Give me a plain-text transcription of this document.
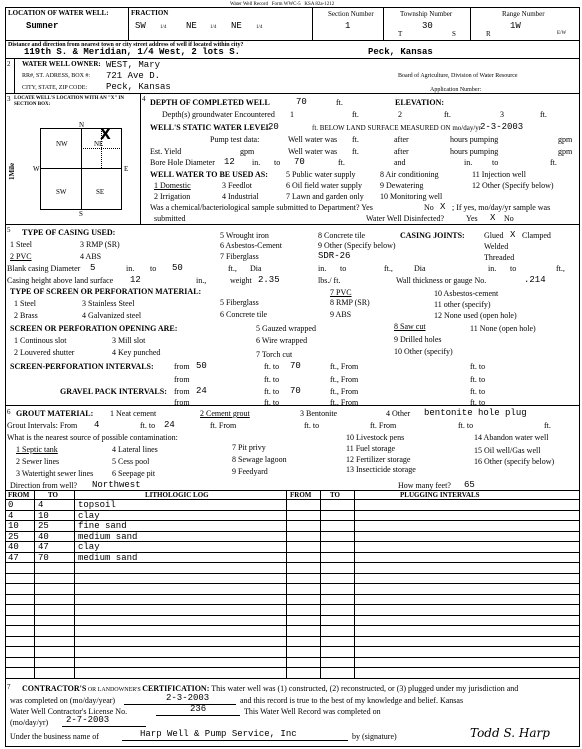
Water Well Record Form WWC-5 KSA 82a-1212
LOCATION OF WATER WELL:
Sumner
FRACTION
SW	1/4 NE	1/4 NE	1/4
Section Number
1
Township Number
30
T	S
Range Number
1W
R	E/W
Distance and direction from nearest town or city street address of well if located within city?
119th S. & Meridian, 1/4 West, 2 lots S.	Peck, Kansas
2 WATER WELL OWNER: WEST, Mary
RR#, ST. ADRESS, BOX #: 721 Ave D.
CITY, STATE, ZIP CODE: Peck, Kansas
Board of Agriculture, Division of Water Resource
Application Number:
3 LOCATE WELL'S LOCATION WITH AN "X" IN SECTION BOX:
N
S
W	E
NW	NE
SW	SE
X
1Mile
4 DEPTH OF COMPLETED WELL	70	ft.	ELEVATION:
Depth(s) groundwater Encountered 1	ft.	2	ft.	3	ft.
WELL'S STATIC WATER LEVEL
20	ft. BELOW LAND SURFACE MEASURED ON mo/day/yr
2-3-2003
Pump test data:	Well water was ft.	after	hours pumping	gpm
Est. Yield	gpm	Well water was ft.	after	hours pumping	gpm
Bore Hole Diameter 12 in. to 70	ft.	and	in. to	ft.
WELL WATER TO BE USED AS: 5 Public water supply	8 Air conditioning	11 Injection well
1 Domestic	3 Feedlot	6 Oil field water supply 9 Dewatering	12 Other (Specify below)
2 Irrigation	4 Industrial	7 Lawn and garden only 10 Monitoring well
Was a chemical/bacteriological sample submitted to Department? Yes	No X ; If yes, mo/day/yr sample was
submitted	Water Well Disinfected?	Yes X No
5 TYPE OF CASING USED:
1 Steel	3 RMP (SR)
5 Wrought iron	8 Concrete tile
2 PVC	4 ABS
6 Asbestos-Cement	9 Other (Specify below)
7 Fiberglass	SDR-26
CASING JOINTS: Glued X Clamped
Welded
Threaded
Blank casing Diameter 5	in. to 50	ft., Dia	in. to	ft.,	Dia	in. to	ft.,
Casing height above land surface 12	in.,	weight 2.35	lbs./ ft.	Wall thickness or gauge No.	.214
TYPE OF SCREEN OR PERFORATION MATERIAL:
1 Steel	3 Stainless Steel	5 Fiberglass
7 PVC	10 Asbestos-cement
8 RMP (SR)	11 other (specify)
2 Brass	4 Galvanized steel	6 Concrete tile	9 ABS	12 None used (open hole)
SCREEN OR PERFORATION OPENING ARE:	5 Gauzed wrapped	8 Saw cut	11 None (open hole)
1 Continous slot	3 Mill slot	6 Wire wrapped	9 Drilled holes
2 Louvered shutter	4 Key punched	7 Torch cut	10 Other (specify)
SCREEN-PERFORATION INTERVALS:	from 50	ft. to 70	ft., From	ft. to
from	ft. to	ft., From	ft. to
GRAVEL PACK INTERVALS: from 24	ft. to 70	ft., From	ft. to
from	ft. to	ft., From	ft. to
6 GROUT MATERIAL: 1 Neat cement	2 Cement grout	3 Bentonite	4 Other bentonite hole plug
Grout Intervals: From 4	ft. to 24	ft. From	ft. to	ft. From	ft. to	ft.
What is the nearest source of possible contamination:
1 Septic tank	4 Lateral lines	7 Pit privy
10 Livestock pens	14 Abandon water well
2 Sewer lines	5 Cess pool	8 Sewage lagoon
11 Fuel storage	15 Oil well/Gas well
3 Watertight sewer lines 6 Seepage pit	9 Feedyard
12 Fertilizer storage	16 Other (specify below)
13 Insecticide storage
Direction from well? Northwest	How many feet? 65
FROM	TO	LITHOLOGIC LOG	FROM	TO	PLUGGING INTERVALS
0	4	topsoil
4	10	clay
10 25	fine sand
25 40	medium sand
40 47	clay
47 70	medium sand
7 CONTRACTOR'S OR LANDOWNER'S CERTIFICATION: This water well was (1) constructed, (2) reconstructed, or (3) plugged under my jurisdiction and
was completed on (mo/day/year)	2-3-2003	and this record is true to the best of my knowledge and belief. Kansas
Water Well Contractor's License No.	236	This Water Well Record was completed on
(mo/day/yr) 2-7-2003
Under the business name of	Harp Well & Pump Service, Inc	by (signature)	Todd S. Harp
